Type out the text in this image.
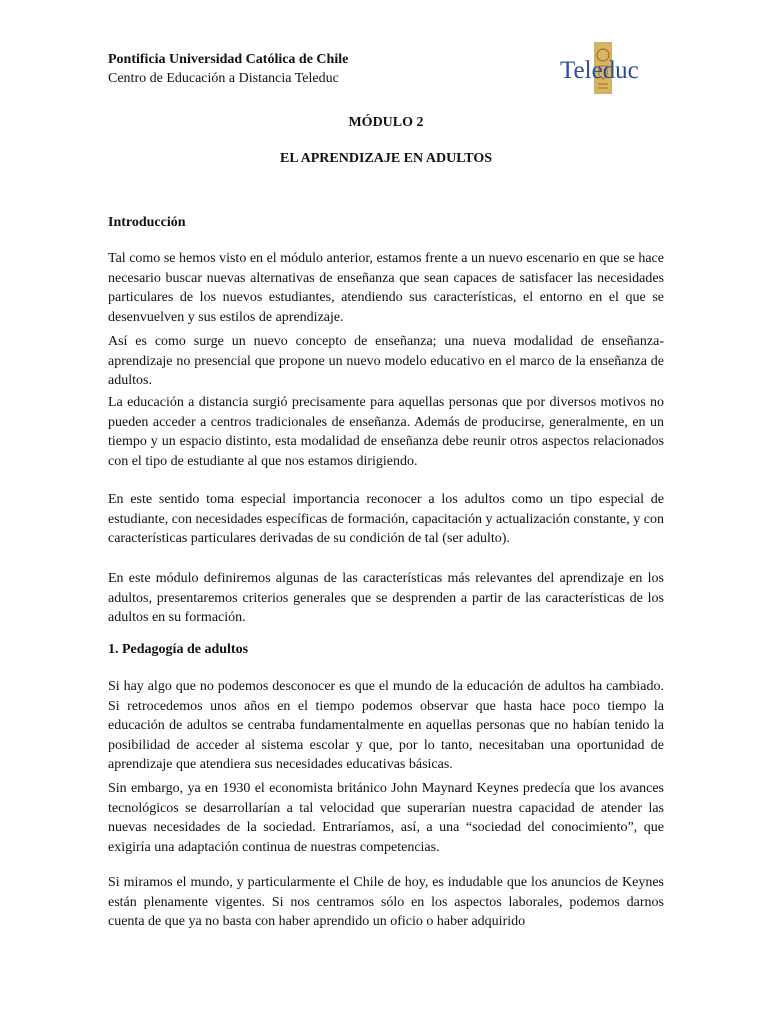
Pontificia Universidad Católica de Chile
Centro de Educación a Distancia Teleduc	Teleduc
MÓDULO 2
EL APRENDIZAJE EN ADULTOS
Introducción

Tal como se hemos visto en el módulo anterior, estamos frente a un nuevo escenario en que se hace necesario buscar nuevas alternativas de enseñanza que sean capaces de satisfacer las necesidades particulares de los nuevos estudiantes, atendiendo sus características, el entorno en el que se desenvuelven y sus estilos de aprendizaje.

Así es como surge un nuevo concepto de enseñanza; una nueva modalidad de enseñanza-aprendizaje no presencial que propone un nuevo modelo educativo en el marco de la enseñanza de adultos.

La educación a distancia surgió precisamente para aquellas personas que por diversos motivos no pueden acceder a centros tradicionales de enseñanza. Además de producirse, generalmente, en un tiempo y un espacio distinto, esta modalidad de enseñanza debe reunir otros aspectos relacionados con el tipo de estudiante al que nos estamos dirigiendo.

En este sentido toma especial importancia reconocer a los adultos como un tipo especial de estudiante, con necesidades específicas de formación, capacitación y actualización constante, y con características particulares derivadas de su condición de tal (ser adulto).

En este módulo definiremos algunas de las características más relevantes del aprendizaje en los adultos, presentaremos criterios generales que se desprenden a partir de las características de los adultos en su formación.

1. Pedagogía de adultos

Si hay algo que no podemos desconocer es que el mundo de la educación de adultos ha cambiado. Si retrocedemos unos años en el tiempo podemos observar que hasta hace poco tiempo la educación de adultos se centraba fundamentalmente en aquellas personas que no habían tenido la posibilidad de acceder al sistema escolar y que, por lo tanto, necesitaban una oportunidad de aprendizaje que atendiera sus necesidades educativas básicas.

Sin embargo, ya en 1930 el economista británico John Maynard Keynes predecía que los avances tecnológicos se desarrollarían a tal velocidad que superarían nuestra capacidad de atender las nuevas necesidades de la sociedad. Entraríamos, así, a una “sociedad del conocimiento”, que exigiría una adaptación continua de nuestras competencias.

Si miramos el mundo, y particularmente el Chile de hoy, es indudable que los anuncios de Keynes están plenamente vigentes. Si nos centramos sólo en los aspectos laborales, podemos darnos cuenta de que ya no basta con haber aprendido un oficio o haber adquirido
